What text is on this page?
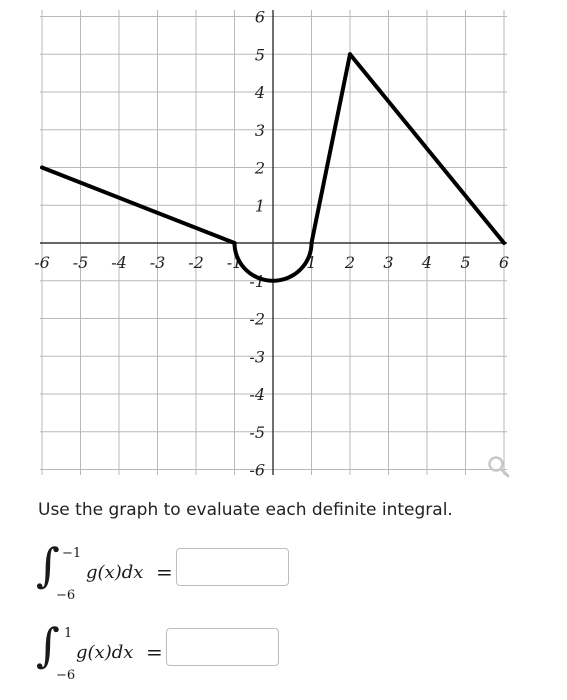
-6 -5 -4 -3 -2 -1	1 2 3 4 5 6
6
5
4
3
2
1
-1
-2
-3
-4
-5
-6
Use the graph to evaluate each definite integral.
∫ −1
−6
g(x)dx =
∫ 1
−6
g(x)dx =
